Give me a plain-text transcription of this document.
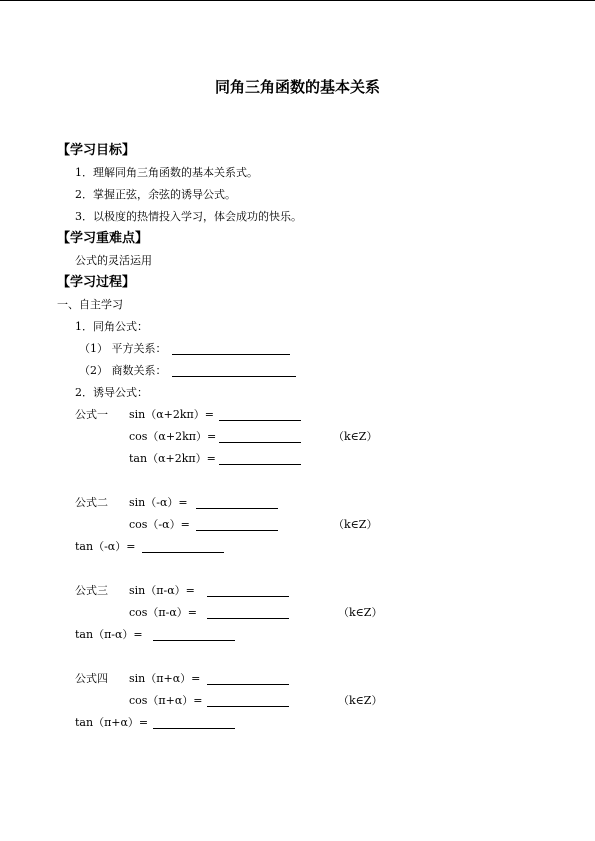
同角三角函数的基本关系
【学习目标】
1．理解同角三角函数的基本关系式。
2．掌握正弦，余弦的诱导公式。
3．以极度的热情投入学习，体会成功的快乐。
【学习重难点】
公式的灵活运用
【学习过程】
一、自主学习
1．同角公式：
（1） 平方关系：
（2） 商数关系：
2．诱导公式：
公式一 sin（α+2kπ）=
cos（α+2kπ）=	（k∈Z）
tan（α+2kπ）=
公式二 sin（-α）=
cos（-α）=	（k∈Z）
tan（-α）=
公式三 sin（π-α）=
cos（π-α）=	（k∈Z）
tan（π-α）=
公式四 sin（π+α）=
cos（π+α）=	（k∈Z）
tan（π+α）=
